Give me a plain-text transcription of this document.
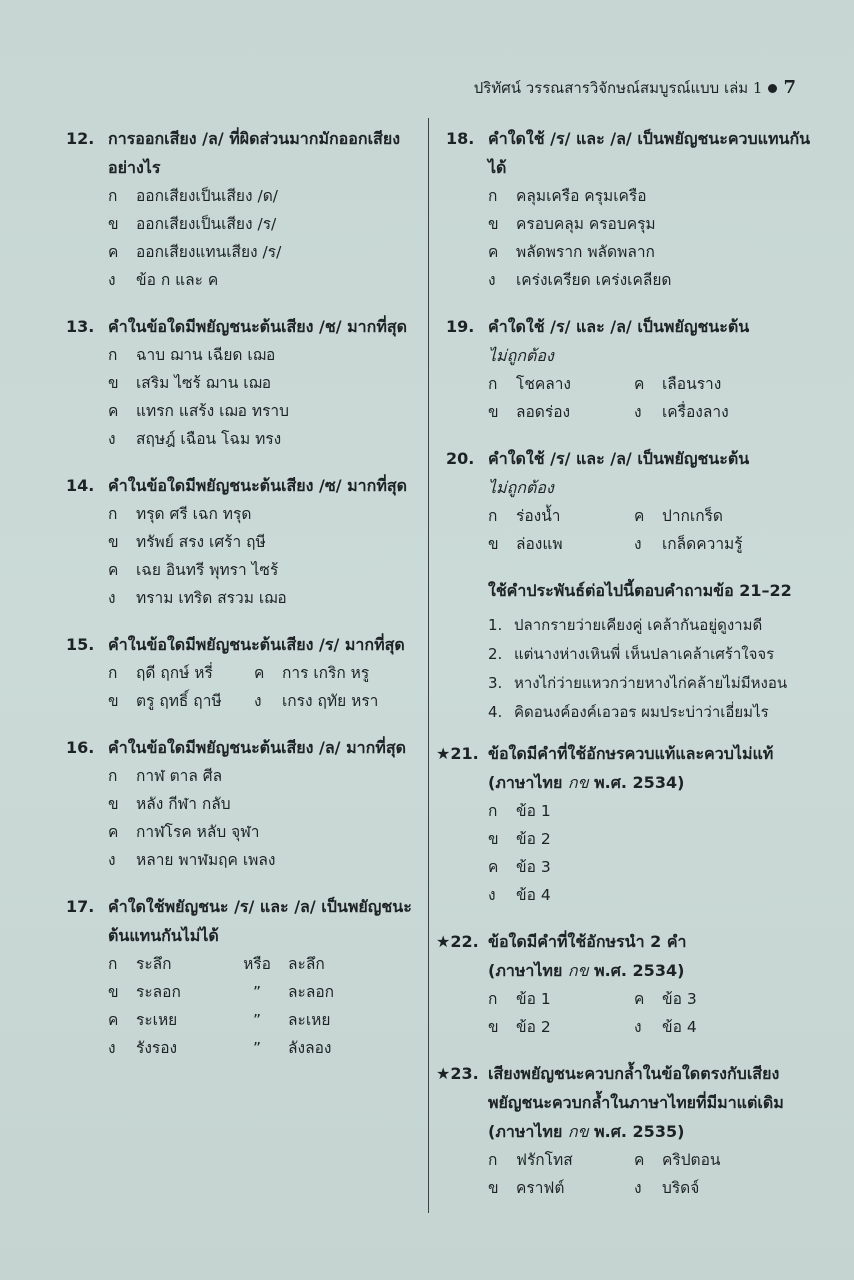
ปริทัศน์ วรรณสารวิจักษณ์สมบูรณ์แบบ เล่ม 1 7
12. การออกเสียง /ล/ ที่ผิดส่วนมากมักออกเสียงอย่างไร
ก	ออกเสียงเป็นเสียง /ด/
ข	ออกเสียงเป็นเสียง /ร/
ค	ออกเสียงแทนเสียง /ร/
ง	ข้อ ก และ ค
13. คำในข้อใดมีพยัญชนะต้นเสียง /ช/ มากที่สุด
ก	ฉาบ ฌาน เฉียด เฌอ
ข	เสริม ไซร้ ฌาน เฌอ
ค	แทรก แสร้ง เฌอ ทราบ
ง	สฤษฎ์ เฉือน โฉม ทรง
14. คำในข้อใดมีพยัญชนะต้นเสียง /ซ/ มากที่สุด
ก	ทรุด ศรี เฉก ทรุด
ข	ทรัพย์ สรง เศร้า ฤษี
ค	เฉย อินทรี พุทรา ไซร้
ง	ทราม เทริด สรวม เฌอ
15. คำในข้อใดมีพยัญชนะต้นเสียง /ร/ มากที่สุด
ก	ฤดี ฤกษ์ หรี่	ค	การ เกริก หรู
ข	ตรู ฤทธิ์ ฤาษี	ง	เกรง ฤทัย หรา
16. คำในข้อใดมีพยัญชนะต้นเสียง /ล/ มากที่สุด
ก	กาฬ ตาล ศีล
ข	หลัง กีฬา กลับ
ค	กาฬโรค หลับ จุฬา
ง	หลาย พาฬมฤค เพลง
17. คำใดใช้พยัญชนะ /ร/ และ /ล/ เป็นพยัญชนะต้นแทนกันไม่ได้
ก	ระลึก	หรือ	ละลึก
ข	ระลอก	”	ละลอก
ค	ระเหย	”	ละเหย
ง	รังรอง	”	ลังลอง
18. คำใดใช้ /ร/ และ /ล/ เป็นพยัญชนะควบแทนกันได้
ก	คลุมเครือ ครุมเครือ
ข	ครอบคลุม ครอบครุม
ค	พลัดพราก พลัดพลาก
ง	เคร่งเครียด เคร่งเคลียด
19. คำใดใช้ /ร/ และ /ล/ เป็นพยัญชนะต้น
ไม่ถูกต้อง
ก	โชคลาง	ค	เลือนราง
ข	ลอดร่อง	ง	เครื่องลาง
20. คำใดใช้ /ร/ และ /ล/ เป็นพยัญชนะต้น
ไม่ถูกต้อง
ก	ร่องน้ำ	ค	ปากเกร็ด
ข	ล่องแพ	ง	เกล็ดความรู้
ใช้คำประพันธ์ต่อไปนี้ตอบคำถามข้อ 21–22
1. ปลากรายว่ายเคียงคู่ เคล้ากันอยู่ดูงามดี
2. แต่นางห่างเหินพี่ เห็นปลาเคล้าเศร้าใจจร
3. หางไก่ว่ายแหวกว่ายหางไก่คล้ายไม่มีหงอน
4. คิดอนงค์องค์เอวอร ผมประบ่าว่าเอี่ยมไร
★21. ข้อใดมีคำที่ใช้อักษรควบแท้และควบไม่แท้
(ภาษาไทย กข พ.ศ. 2534)
ก	ข้อ 1
ข	ข้อ 2
ค	ข้อ 3
ง	ข้อ 4
★22. ข้อใดมีคำที่ใช้อักษรนำ 2 คำ
(ภาษาไทย กข พ.ศ. 2534)
ก	ข้อ 1	ค	ข้อ 3
ข	ข้อ 2	ง	ข้อ 4
★23. เสียงพยัญชนะควบกล้ำในข้อใดตรงกับเสียงพยัญชนะควบกล้ำในภาษาไทยที่มีมาแต่เดิม
(ภาษาไทย กข พ.ศ. 2535)
ก	ฟรักโทส	ค	คริปตอน
ข	คราฟต์	ง	บริดจ์
